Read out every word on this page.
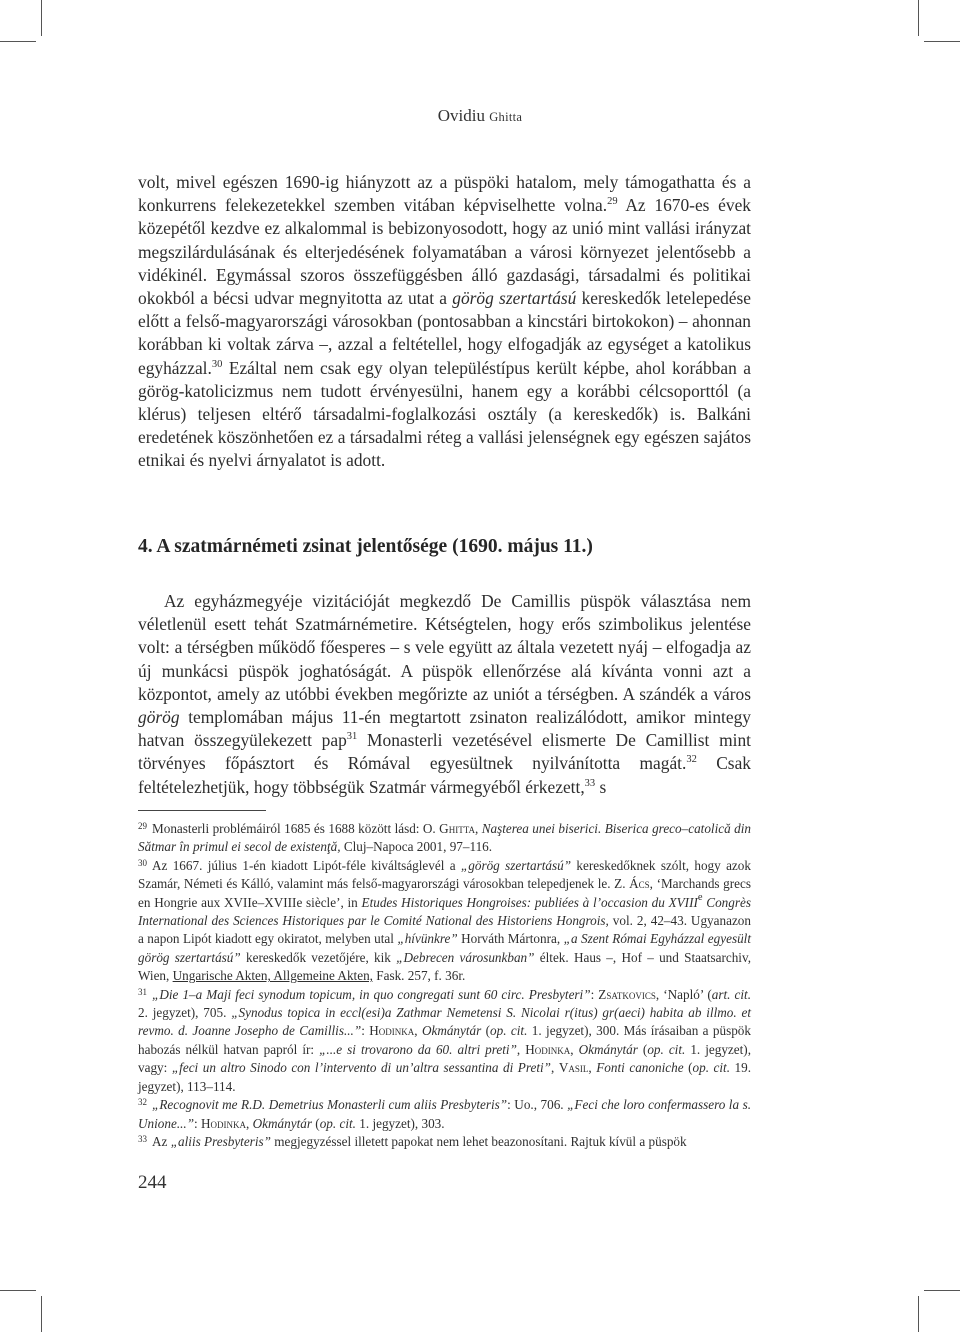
Ovidiu Ghitta

volt, mivel egészen 1690-ig hiányzott az a püspöki hatalom, mely támogathatta és a konkurrens felekezetekkel szemben vitában képviselhette volna.$^{29}$ Az 1670-es évek közepétől kezdve ez alkalommal is bebizonyosodott, hogy az unió mint vallási irányzat megszilárdulásának és elterjedésének folyamatában a városi környezet jelentősebb a vidékinél. Egymással szoros összefüggésben álló gazdasági, társadalmi és politikai okokból a bécsi udvar megnyitotta az utat a görög szertartású kereskedők letelepedése előtt a felső-magyarországi városokban (pontosabban a kincstári birtokokon) – ahonnan korábban ki voltak zárva –, azzal a feltétellel, hogy elfogadják az egységet a katolikus egyházzal.$^{30}$ Ezáltal nem csak egy olyan településtípus került képbe, ahol korábban a görög-katolicizmus nem tudott érvényesülni, hanem egy a korábbi célcsoporttól (a klérus) teljesen eltérő társadalmi-foglalkozási osztály (a kereskedők) is. Balkáni eredetének köszönhetően ez a társadalmi réteg a vallási jelenségnek egy egészen sajátos etnikai és nyelvi árnyalatot is adott.

4. A szatmárnémeti zsinat jelentősége (1690. május 11.)

Az egyházmegyéje vizitációját megkezdő De Camillis püspök választása nem véletlenül esett tehát Szatmárnémetire. Kétségtelen, hogy erős szimbolikus jelentése volt: a térségben működő főesperes – s vele együtt az általa vezetett nyáj – elfogadja az új munkácsi püspök joghatóságát. A püspök ellenőrzése alá kívánta vonni azt a központot, amely az utóbbi években megőrizte az uniót a térségben. A szándék a város görög templomában május 11-én megtartott zsinaton realizálódott, amikor mintegy hatvan összegyülekezett pap$^{31}$ Monasterli vezetésével elismerte De Camillist mint törvényes főpásztort és Rómával egyesültnek nyilvánította magát.$^{32}$ Csak feltételezhetjük, hogy többségük Szatmár vármegyéből érkezett,$^{33}$ s

$^{29}$ Monasterli problémáiról 1685 és 1688 között lásd: O. Ghitta, Naşterea unei biserici. Biserica greco–catolică din Sătmar în primul ei secol de existenţă, Cluj–Napoca 2001, 97–116.

$^{30}$ Az 1667. július 1-én kiadott Lipót-féle kiváltságlevél a „görög szertartású” kereskedőknek szólt, hogy azok Szamár, Németi és Kálló, valamint más felső-magyarországi városokban telepedjenek le. Z. Ács, ‘Marchands grecs en Hongrie aux XVIIe–XVIIIe siècle’, in Etudes Historiques Hongroises: publiées à l’occasion du XVIIIe Congrès International des Sciences Historiques par le Comité National des Historiens Hongrois, vol. 2, 42–43. Ugyanazon a napon Lipót kiadott egy okiratot, melyben utal „hívünkre” Horváth Mártonra, „a Szent Római Egyházzal egyesült görög szertartású” kereskedők vezetőjére, kik „Debrecen városunkban” éltek. Haus –, Hof – und Staatsarchiv, Wien, Ungarische Akten, Allgemeine Akten, Fask. 257, f. 36r.

$^{31}$ „Die 1–a Maji feci synodum topicum, in quo congregati sunt 60 circ. Presbyteri”: Zsatkovics, ‘Napló’ (art. cit. 2. jegyzet), 705. „Synodus topica in eccl(esi)a Zathmar Nemetensi S. Nicolai r(itus) gr(aeci) habita ab illmo. et revmo. d. Joanne Josepho de Camillis...”: Hodinka, Okmánytár (op. cit. 1. jegyzet), 300. Más írásaiban a püspök habozás nélkül hatvan papról ír: „...e si trovarono da 60. altri preti”, Hodinka, Okmánytár (op. cit. 1. jegyzet), vagy: „feci un altro Sinodo con l’intervento di un’altra sessantina di Preti”, Vasil, Fonti canoniche (op. cit. 19. jegyzet), 113–114.

$^{32}$ „Recognovit me R.D. Demetrius Monasterli cum aliis Presbyteris”: Uo., 706. „Feci che loro confermassero la s. Unione...”: Hodinka, Okmánytár (op. cit. 1. jegyzet), 303.

$^{33}$ Az „aliis Presbyteris” megjegyzéssel illetett papokat nem lehet beazonosítani. Rajtuk kívül a püspök

244
